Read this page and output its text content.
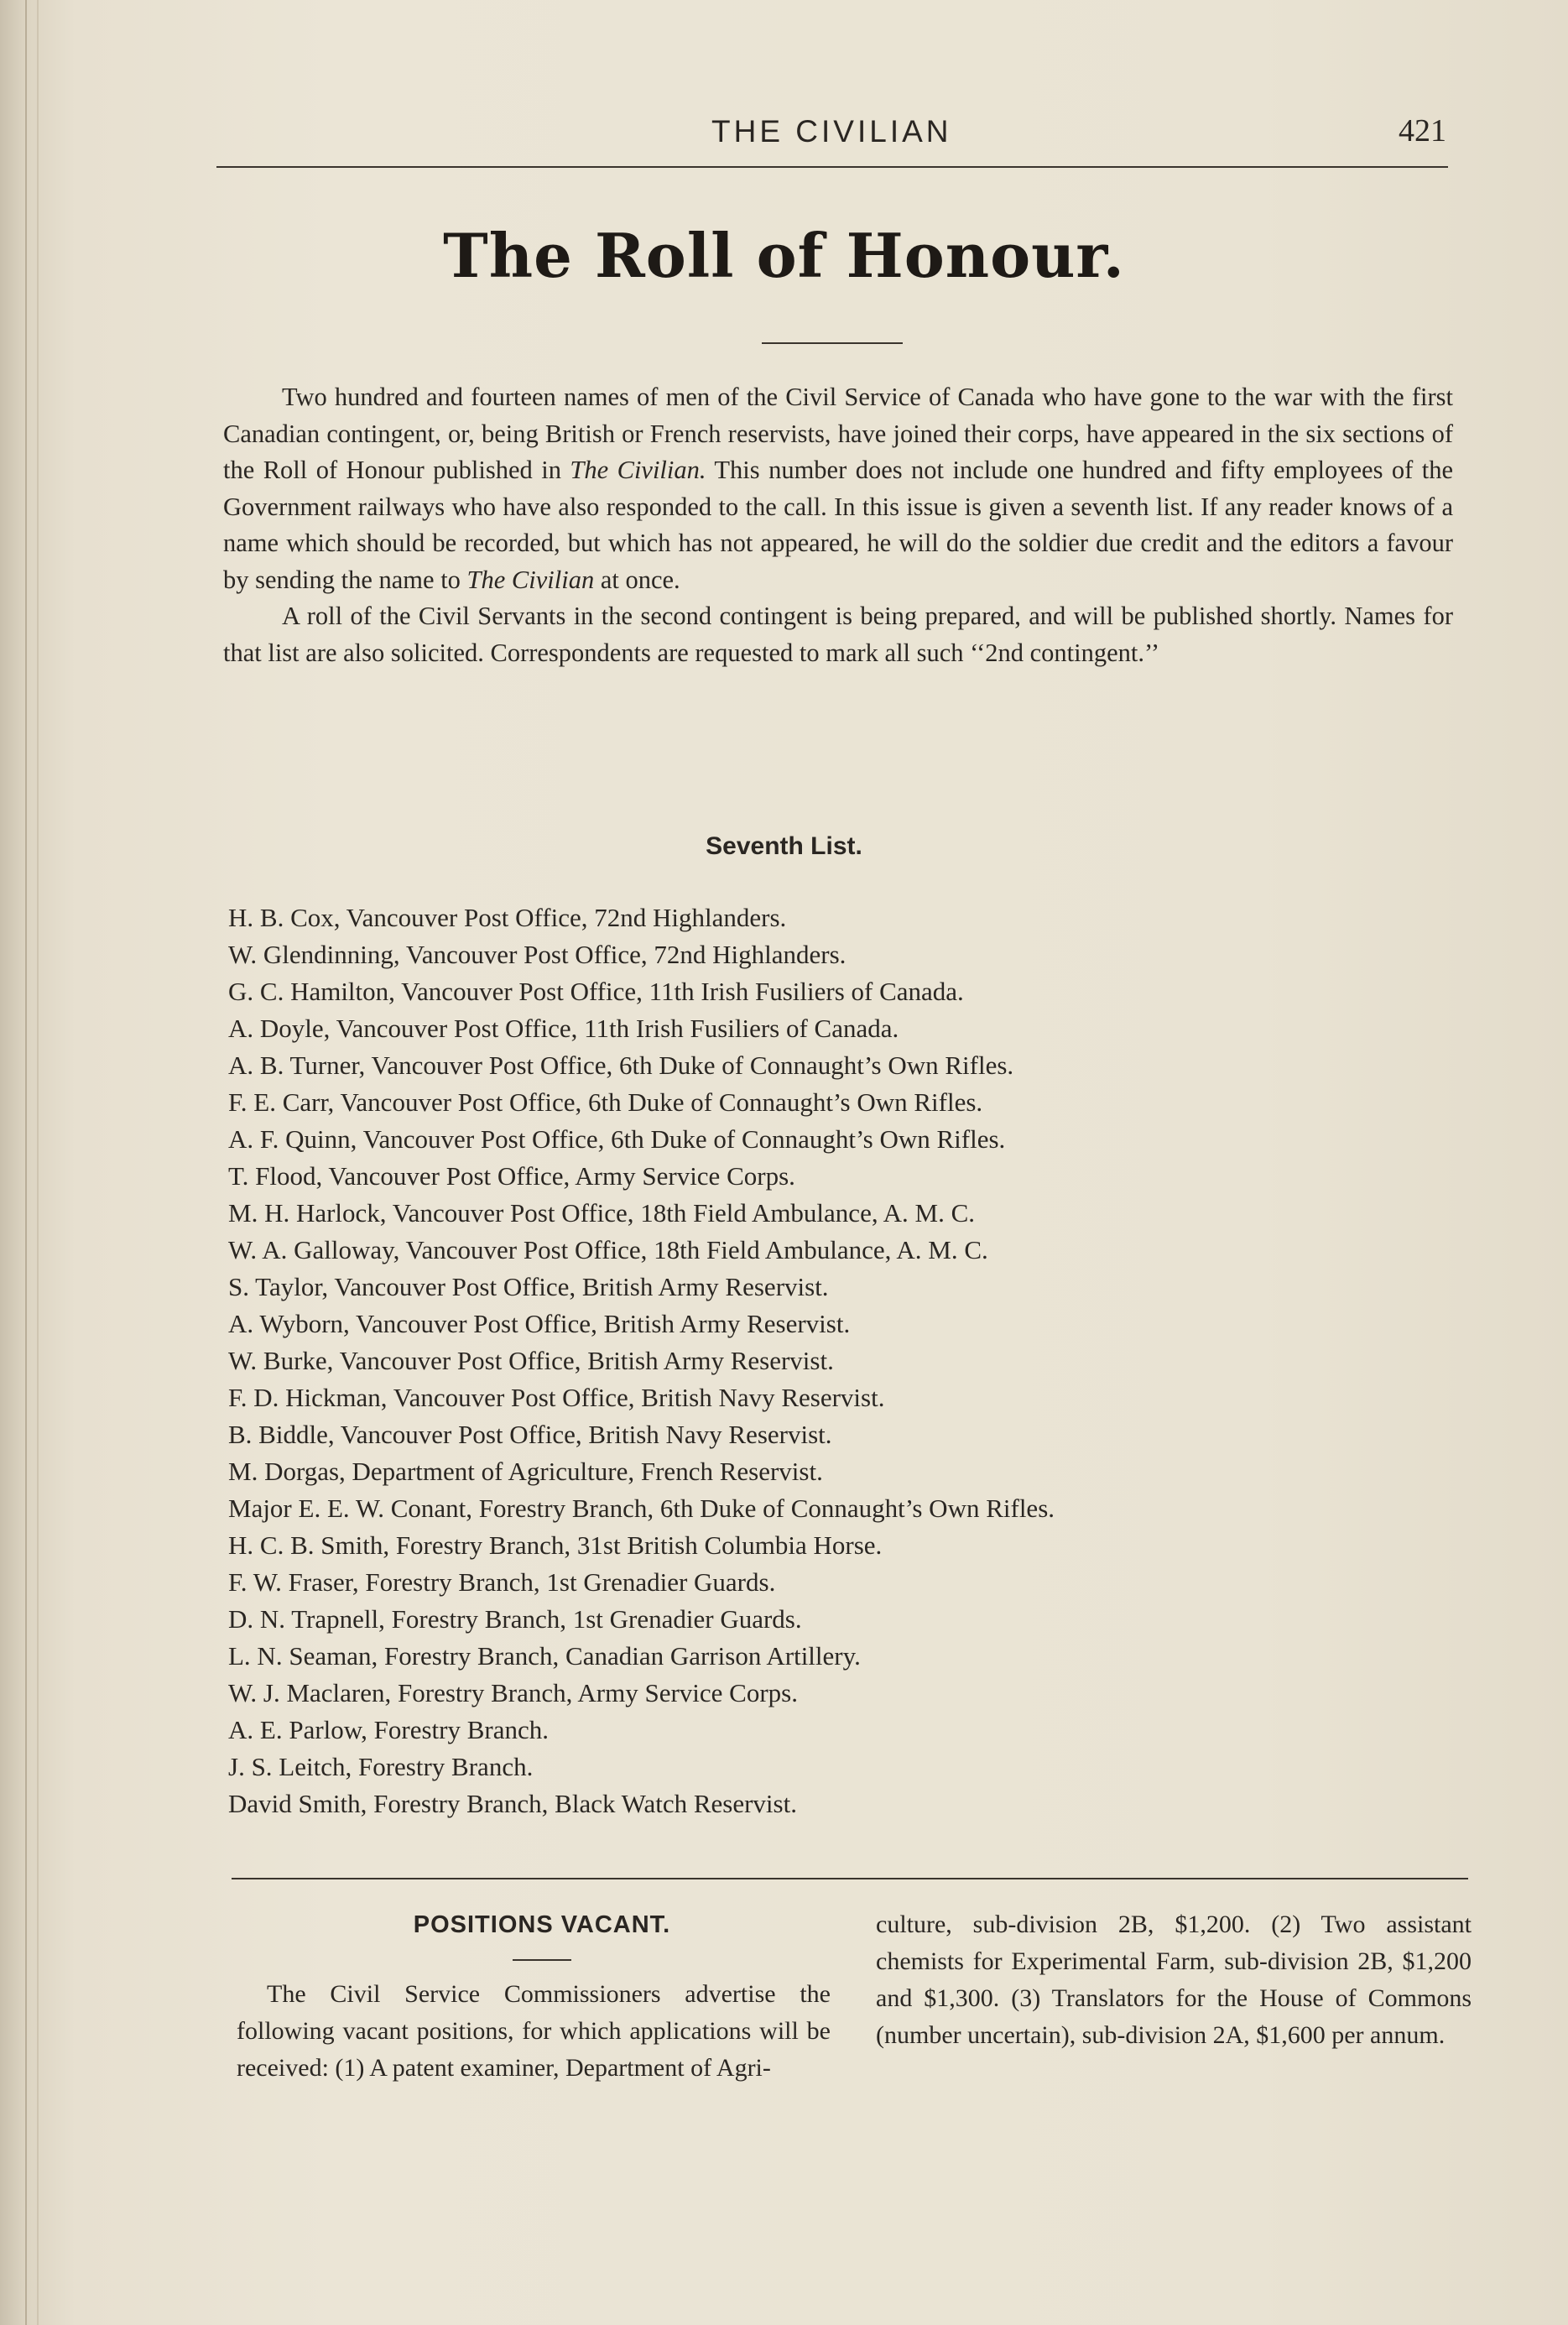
THE CIVILIAN	421
The Roll of Honour.

Two hundred and fourteen names of men of the Civil Service of Canada who have gone to the war with the first Canadian contingent, or, being British or French reservists, have joined their corps, have appeared in the six sections of the Roll of Honour published in The Civilian. This number does not include one hundred and fifty employees of the Government railways who have also responded to the call. In this issue is given a seventh list. If any reader knows of a name which should be recorded, but which has not appeared, he will do the soldier due credit and the editors a favour by sending the name to The Civilian at once.

A roll of the Civil Servants in the second contingent is being prepared, and will be published shortly. Names for that list are also solicited. Correspondents are requested to mark all such ‘‘2nd contingent.’’

Seventh List.
H. B. Cox, Vancouver Post Office, 72nd Highlanders.
W. Glendinning, Vancouver Post Office, 72nd Highlanders.
G. C. Hamilton, Vancouver Post Office, 11th Irish Fusiliers of Canada.
A. Doyle, Vancouver Post Office, 11th Irish Fusiliers of Canada.
A. B. Turner, Vancouver Post Office, 6th Duke of Connaught’s Own Rifles.
F. E. Carr, Vancouver Post Office, 6th Duke of Connaught’s Own Rifles.
A. F. Quinn, Vancouver Post Office, 6th Duke of Connaught’s Own Rifles.
T. Flood, Vancouver Post Office, Army Service Corps.
M. H. Harlock, Vancouver Post Office, 18th Field Ambulance, A. M. C.
W. A. Galloway, Vancouver Post Office, 18th Field Ambulance, A. M. C.
S. Taylor, Vancouver Post Office, British Army Reservist.
A. Wyborn, Vancouver Post Office, British Army Reservist.
W. Burke, Vancouver Post Office, British Army Reservist.
F. D. Hickman, Vancouver Post Office, British Navy Reservist.
B. Biddle, Vancouver Post Office, British Navy Reservist.
M. Dorgas, Department of Agriculture, French Reservist.
Major E. E. W. Conant, Forestry Branch, 6th Duke of Connaught’s Own Rifles.
H. C. B. Smith, Forestry Branch, 31st British Columbia Horse.
F. W. Fraser, Forestry Branch, 1st Grenadier Guards.
D. N. Trapnell, Forestry Branch, 1st Grenadier Guards.
L. N. Seaman, Forestry Branch, Canadian Garrison Artillery.
W. J. Maclaren, Forestry Branch, Army Service Corps.
A. E. Parlow, Forestry Branch.
J. S. Leitch, Forestry Branch.
David Smith, Forestry Branch, Black Watch Reservist.
POSITIONS VACANT.

The Civil Service Commissioners advertise the following vacant positions, for which applications will be received: (1) A patent examiner, Department of Agri-

culture, sub-division 2B, $1,200. (2) Two assistant chemists for Experimental Farm, sub-division 2B, $1,200 and $1,300. (3) Translators for the House of Commons (number uncertain), sub-division 2A, $1,600 per annum.
